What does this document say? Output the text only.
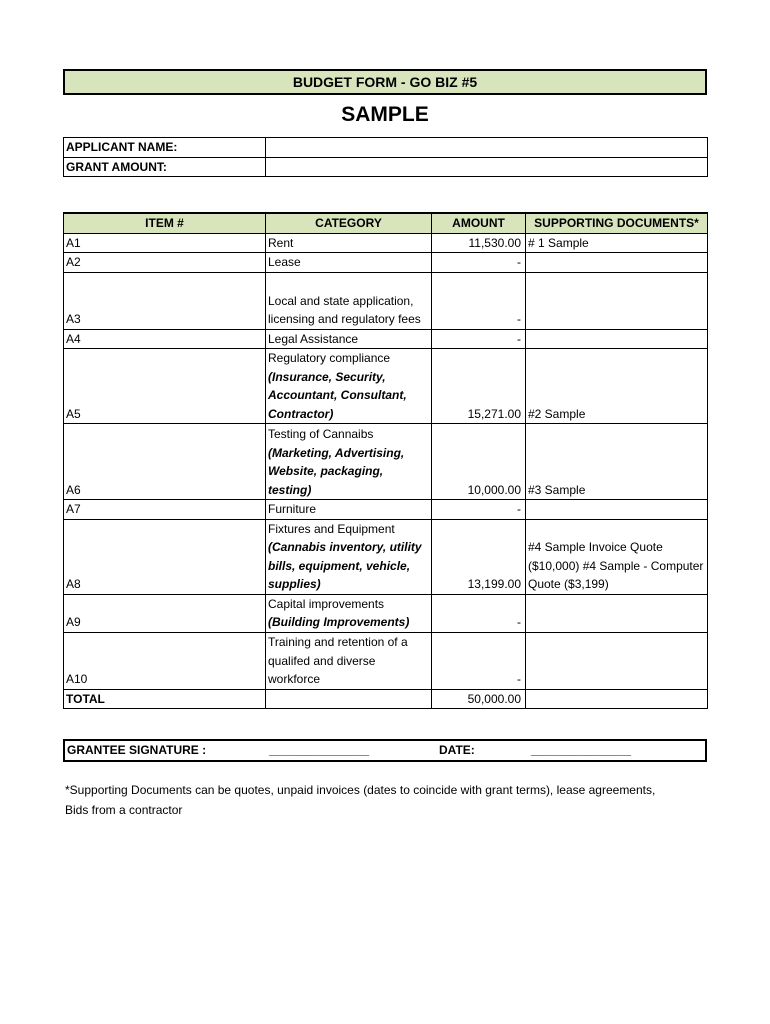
BUDGET FORM - GO BIZ #5
SAMPLE
APPLICANT NAME:	
GRANT AMOUNT:	
ITEM #	CATEGORY	AMOUNT	SUPPORTING DOCUMENTS*
A1	Rent	11,530.00	# 1 Sample
A2	Lease	-	
A3	Local and state application, licensing and regulatory fees	-	
A4	Legal Assistance	-	
A5	Regulatory compliance
(Insurance, Security, Accountant, Consultant, Contractor)	15,271.00	#2 Sample
A6	Testing of Cannaibs
(Marketing, Advertising, Website, packaging, testing)	10,000.00	#3 Sample
A7	Furniture	-	
A8	Fixtures and Equipment
(Cannabis inventory, utility bills, equipment, vehicle, supplies)	13,199.00	#4 Sample Invoice Quote ($10,000) #4 Sample - Computer Quote ($3,199)
A9	Capital improvements
(Building Improvements)	-	
A10	Training and retention of a qualifed and diverse workforce	-	
TOTAL		50,000.00	
GRANTEE SIGNATURE :	_______________	DATE:	_______________
*Supporting Documents can be quotes, unpaid invoices (dates to coincide with grant terms), lease agreements, Bids from a contractor
